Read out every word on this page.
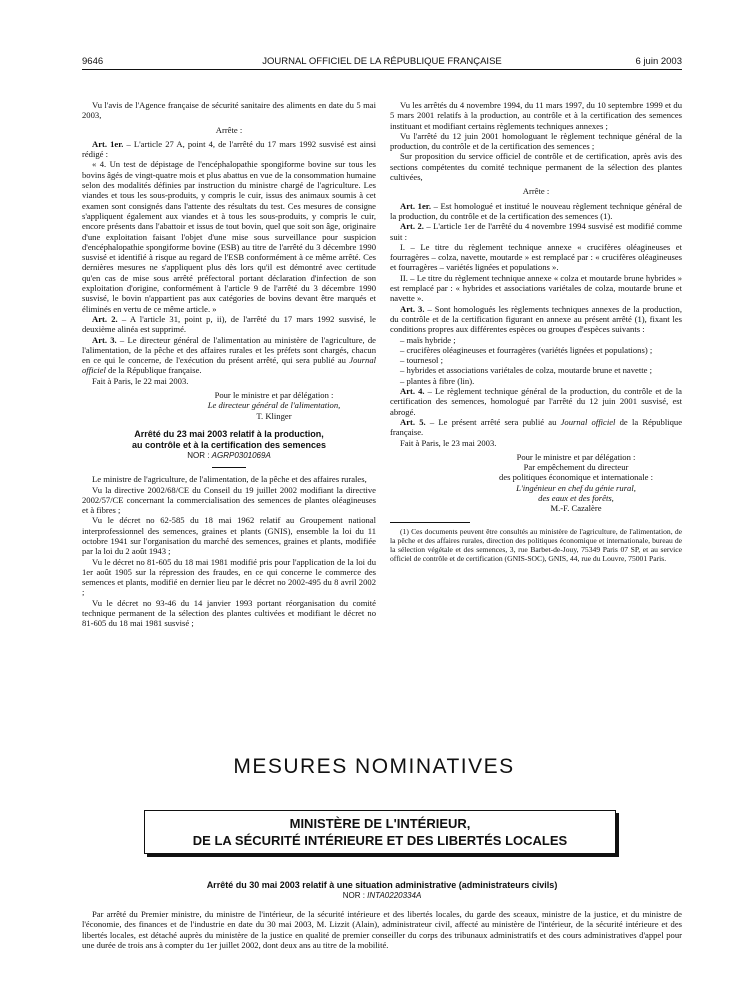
9646	JOURNAL OFFICIEL DE LA RÉPUBLIQUE FRANÇAISE	6 juin 2003

Vu l'avis de l'Agence française de sécurité sanitaire des aliments en date du 5 mai 2003,

Arrête :

Art. 1er. – L'article 27 A, point 4, de l'arrêté du 17 mars 1992 susvisé est ainsi rédigé :

« 4. Un test de dépistage de l'encéphalopathie spongiforme bovine sur tous les bovins âgés de vingt-quatre mois et plus abattus en vue de la consommation humaine selon des modalités définies par instruction du ministre chargé de l'agriculture. Les viandes et tous les sous-produits, y compris le cuir, issus des animaux soumis à cet examen sont consignés dans l'attente des résultats du test. Ces mesures de consigne s'appliquent également aux viandes et à tous les sous-produits, y compris le cuir, encore présents dans l'abattoir et issus de tout bovin, quel que soit son âge, originaire d'une exploitation faisant l'objet d'une mise sous surveillance pour suspicion d'encéphalopathie spongiforme bovine (ESB) au titre de l'arrêté du 3 décembre 1990 susvisé et identifié à risque au regard de l'ESB conformément à ce même arrêté. Ces dernières mesures ne s'appliquent plus dès lors qu'il est démontré avec certitude qu'en cas de mise sous arrêté préfectoral portant déclaration d'infection de son exploitation d'origine, conformément à l'article 9 de l'arrêté du 3 décembre 1990 susvisé, le bovin n'appartient pas aux catégories de bovins devant être marqués et éliminés en vertu de ce même article. »

Art. 2. – A l'article 31, point p, ii), de l'arrêté du 17 mars 1992 susvisé, le deuxième alinéa est supprimé.

Art. 3. – Le directeur général de l'alimentation au ministère de l'agriculture, de l'alimentation, de la pêche et des affaires rurales et les préfets sont chargés, chacun en ce qui le concerne, de l'exécution du présent arrêté, qui sera publié au Journal officiel de la République française.

Fait à Paris, le 22 mai 2003.

Pour le ministre et par délégation :

Le directeur général de l'alimentation,

T. Klinger

Arrêté du 23 mai 2003 relatif à la production,

au contrôle et à la certification des semences

NOR : AGRP0301069A

Le ministre de l'agriculture, de l'alimentation, de la pêche et des affaires rurales,

Vu la directive 2002/68/CE du Conseil du 19 juillet 2002 modifiant la directive 2002/57/CE concernant la commercialisation des semences de plantes oléagineuses et à fibres ;

Vu le décret no 62-585 du 18 mai 1962 relatif au Groupement national interprofessionnel des semences, graines et plants (GNIS), ensemble la loi du 11 octobre 1941 sur l'organisation du marché des semences, graines et plants, modifiée par la loi du 2 août 1943 ;

Vu le décret no 81-605 du 18 mai 1981 modifié pris pour l'application de la loi du 1er août 1905 sur la répression des fraudes, en ce qui concerne le commerce des semences et plants, modifié en dernier lieu par le décret no 2002-495 du 8 avril 2002 ;

Vu le décret no 93-46 du 14 janvier 1993 portant réorganisation du comité technique permanent de la sélection des plantes cultivées et modifiant le décret no 81-605 du 18 mai 1981 susvisé ;

Vu les arrêtés du 4 novembre 1994, du 11 mars 1997, du 10 septembre 1999 et du 5 mars 2001 relatifs à la production, au contrôle et à la certification des semences instituant et modifiant certains règlements techniques annexes ;

Vu l'arrêté du 12 juin 2001 homologuant le règlement technique général de la production, du contrôle et de la certification des semences ;

Sur proposition du service officiel de contrôle et de certification, après avis des sections compétentes du comité technique permanent de la sélection des plantes cultivées,

Arrête :

Art. 1er. – Est homologué et institué le nouveau règlement technique général de la production, du contrôle et de la certification des semences (1).

Art. 2. – L'article 1er de l'arrêté du 4 novembre 1994 susvisé est modifié comme suit :

I. – Le titre du règlement technique annexe « crucifères oléagineuses et fourragères – colza, navette, moutarde » est remplacé par : « crucifères oléagineuses et fourragères – variétés lignées et populations ».

II. – Le titre du règlement technique annexe « colza et moutarde brune hybrides » est remplacé par : « hybrides et associations variétales de colza, moutarde brune et navette ».

Art. 3. – Sont homologués les règlements techniques annexes de la production, du contrôle et de la certification figurant en annexe au présent arrêté (1), fixant les conditions propres aux différentes espèces ou groupes d'espèces suivants :

– maïs hybride ;

– crucifères oléagineuses et fourragères (variétés lignées et populations) ;

– tournesol ;

– hybrides et associations variétales de colza, moutarde brune et navette ;

– plantes à fibre (lin).

Art. 4. – Le règlement technique général de la production, du contrôle et de la certification des semences, homologué par l'arrêté du 12 juin 2001 susvisé, est abrogé.

Art. 5. – Le présent arrêté sera publié au Journal officiel de la République française.

Fait à Paris, le 23 mai 2003.

Pour le ministre et par délégation :

Par empêchement du directeur

des politiques économique et internationale :

L'ingénieur en chef du génie rural,

des eaux et des forêts,

M.-F. Cazalère

(1) Ces documents peuvent être consultés au ministère de l'agriculture, de l'alimentation, de la pêche et des affaires rurales, direction des politiques économique et internationale, bureau de la sélection végétale et des semences, 3, rue Barbet-de-Jouy, 75349 Paris 07 SP, et au service officiel de contrôle et de certification (GNIS-SOC), GNIS, 44, rue du Louvre, 75001 Paris.

MESURES NOMINATIVES
MINISTÈRE DE L'INTÉRIEUR,
DE LA SÉCURITÉ INTÉRIEURE ET DES LIBERTÉS LOCALES

Arrêté du 30 mai 2003 relatif à une situation administrative (administrateurs civils)

NOR : INTA0220334A

Par arrêté du Premier ministre, du ministre de l'intérieur, de la sécurité intérieure et des libertés locales, du garde des sceaux, ministre de la justice, et du ministre de l'économie, des finances et de l'industrie en date du 30 mai 2003, M. Lizzit (Alain), administrateur civil, affecté au ministère de l'intérieur, de la sécurité intérieure et des libertés locales, est détaché auprès du ministère de la justice en qualité de premier conseiller du corps des tribunaux administratifs et des cours administratives d'appel pour une durée de trois ans à compter du 1er juillet 2002, dont deux ans au titre de la mobilité.
